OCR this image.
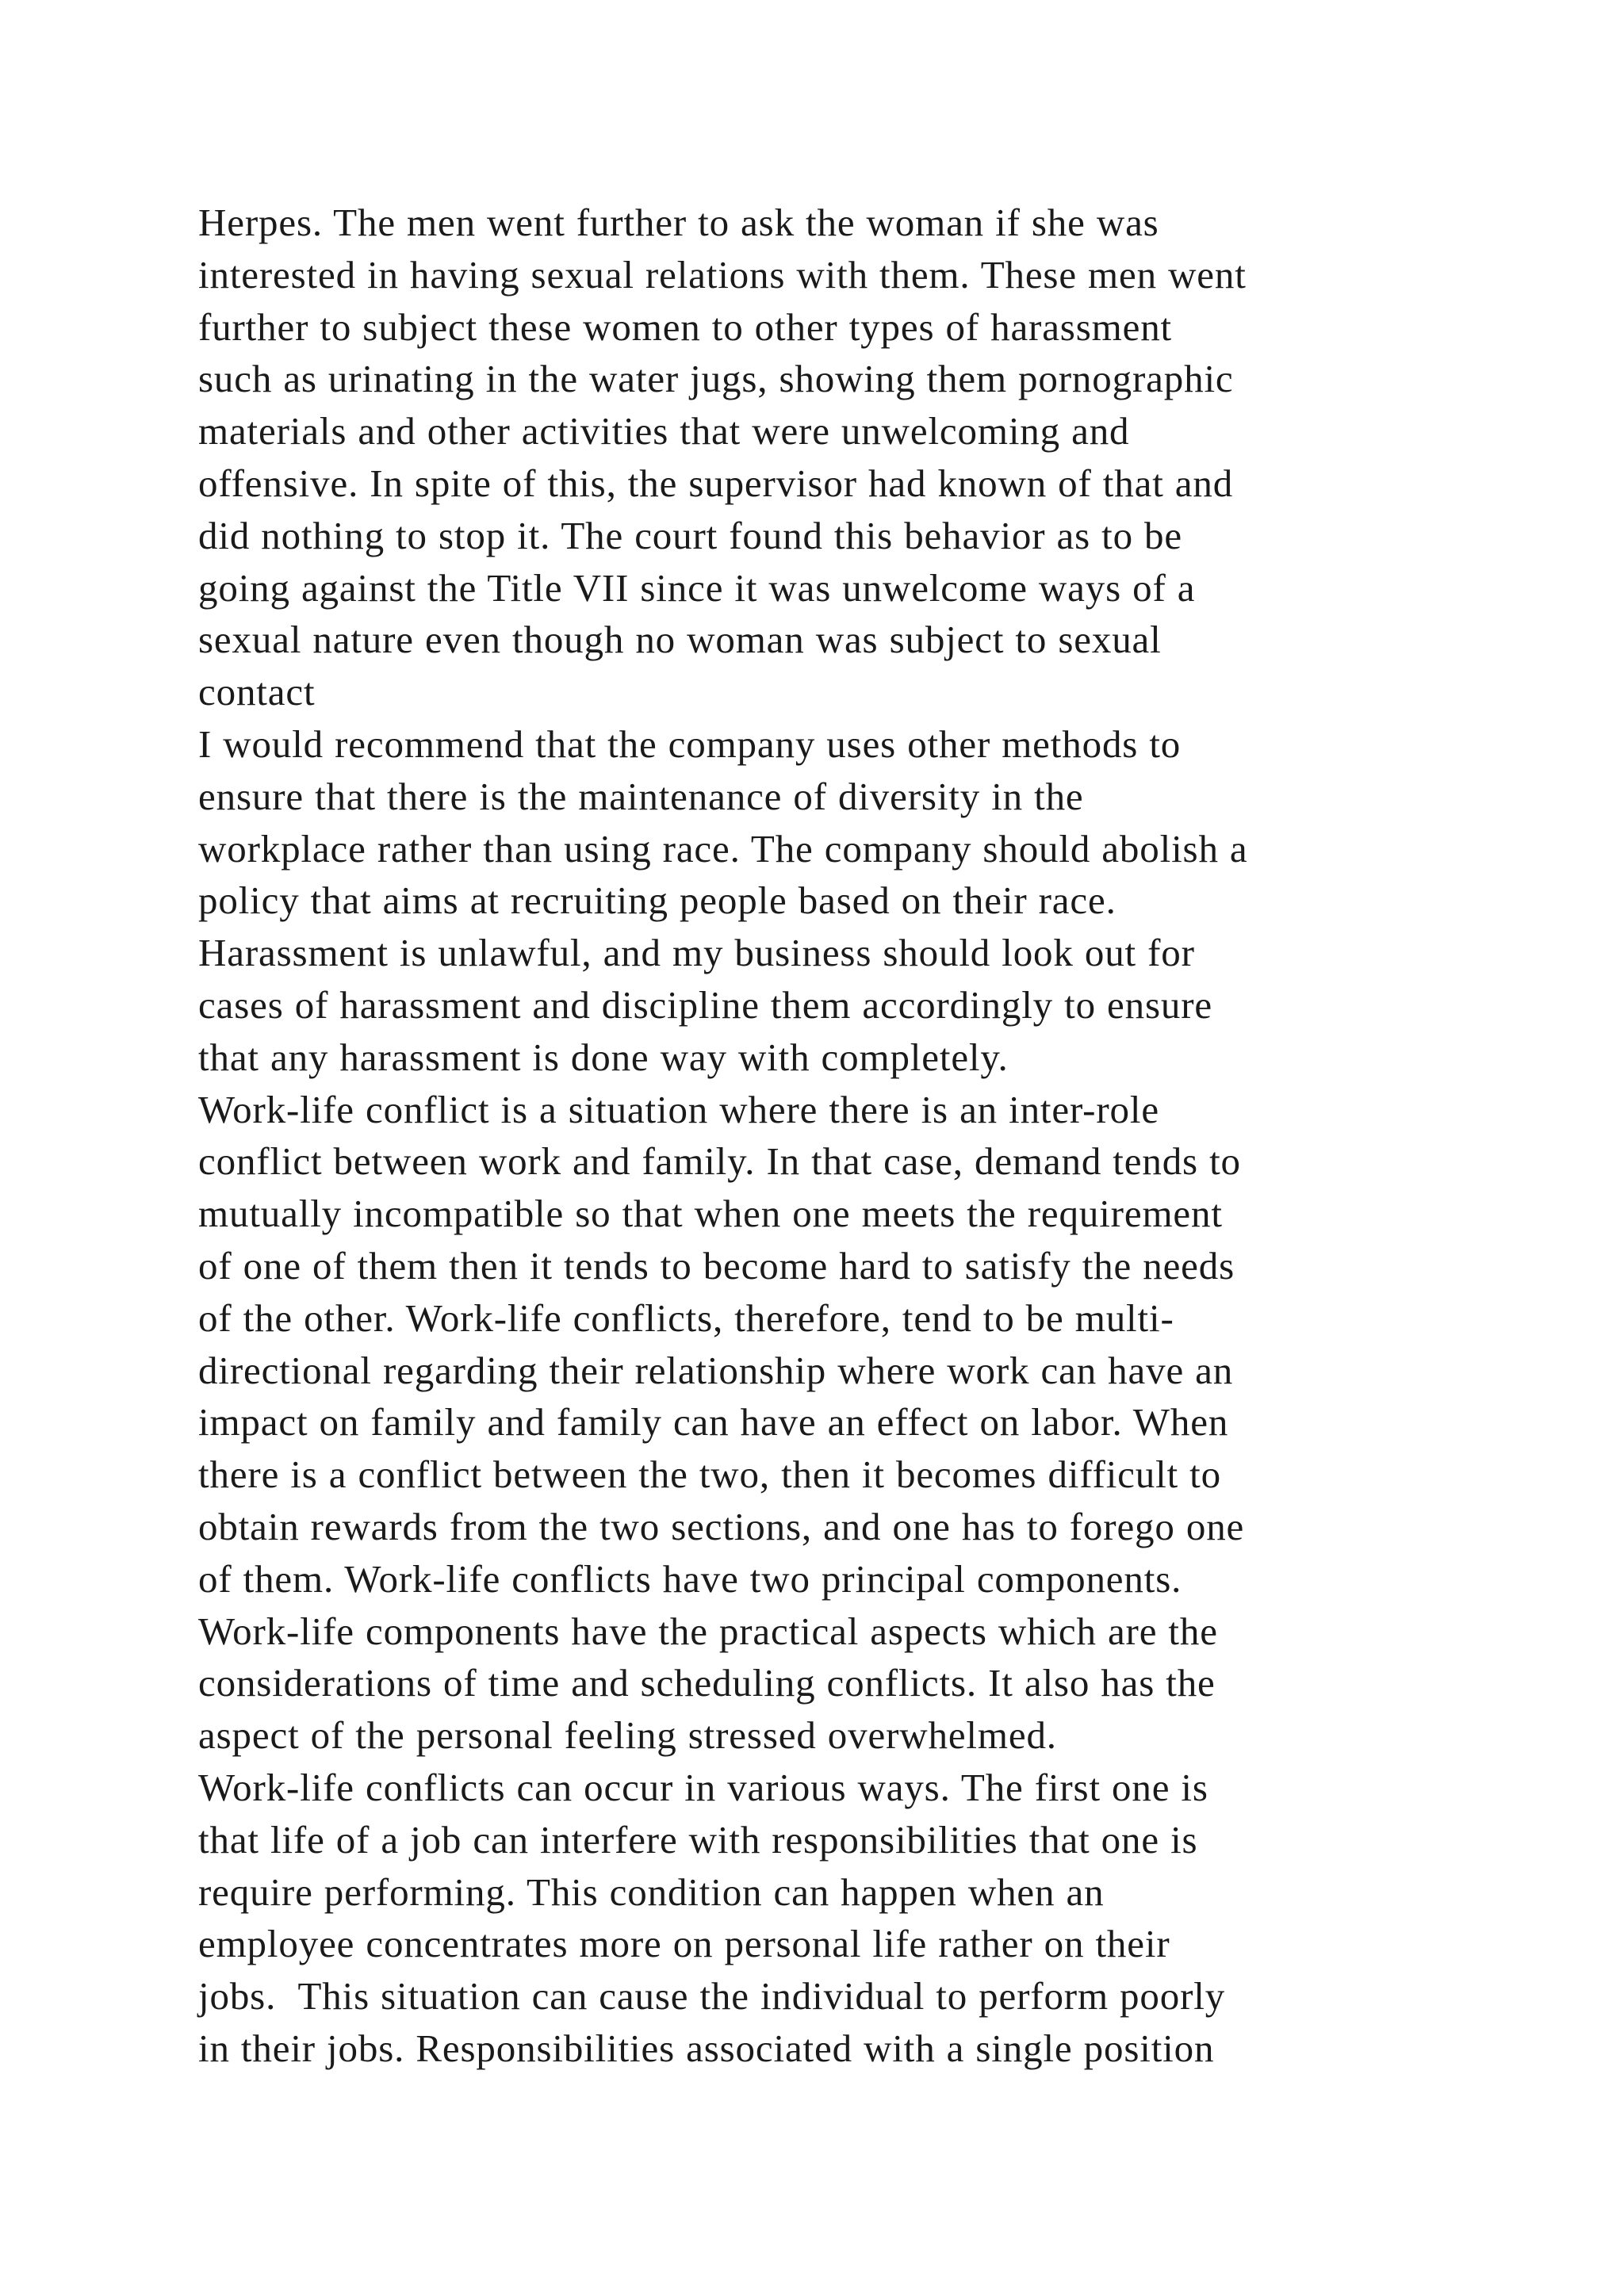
Herpes. The men went further to ask the woman if she was
interested in having sexual relations with them. These men went
further to subject these women to other types of harassment
such as urinating in the water jugs, showing them pornographic
materials and other activities that were unwelcoming and
offensive. In spite of this, the supervisor had known of that and
did nothing to stop it. The court found this behavior as to be
going against the Title VII since it was unwelcome ways of a
sexual nature even though no woman was subject to sexual
contact
I would recommend that the company uses other methods to
ensure that there is the maintenance of diversity in the
workplace rather than using race. The company should abolish a
policy that aims at recruiting people based on their race.
Harassment is unlawful, and my business should look out for
cases of harassment and discipline them accordingly to ensure
that any harassment is done way with completely.
Work-life conflict is a situation where there is an inter-role
conflict between work and family. In that case, demand tends to
mutually incompatible so that when one meets the requirement
of one of them then it tends to become hard to satisfy the needs
of the other. Work-life conflicts, therefore, tend to be multi-
directional regarding their relationship where work can have an
impact on family and family can have an effect on labor. When
there is a conflict between the two, then it becomes difficult to
obtain rewards from the two sections, and one has to forego one
of them. Work-life conflicts have two principal components.
Work-life components have the practical aspects which are the
considerations of time and scheduling conflicts. It also has the
aspect of the personal feeling stressed overwhelmed.
Work-life conflicts can occur in various ways. The first one is
that life of a job can interfere with responsibilities that one is
require performing. This condition can happen when an
employee concentrates more on personal life rather on their
jobs.  This situation can cause the individual to perform poorly
in their jobs. Responsibilities associated with a single position
